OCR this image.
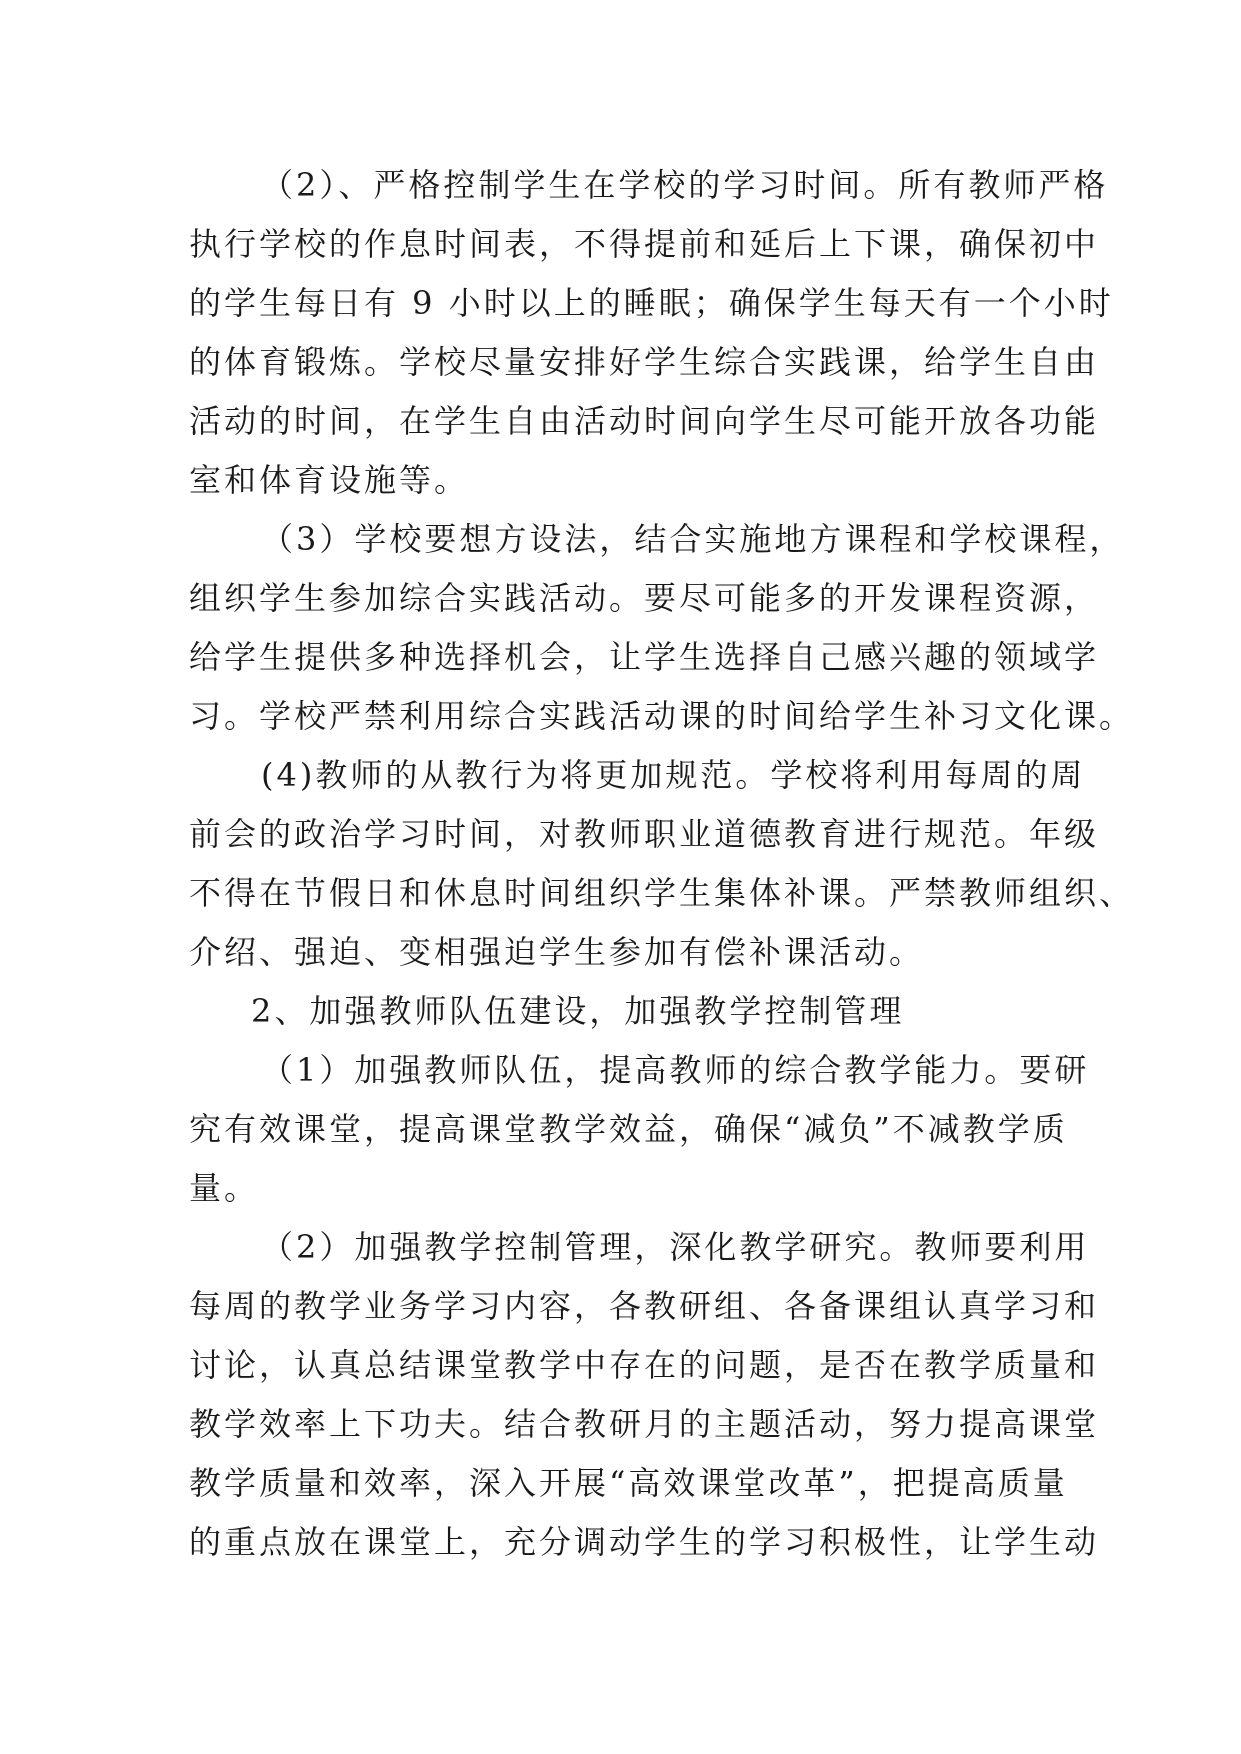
（2）、严格控制学生在学校的学习时间。所有教师严格
执行学校的作息时间表，不得提前和延后上下课，确保初中
的学生每日有 9 小时以上的睡眠；确保学生每天有一个小时
的体育锻炼。学校尽量安排好学生综合实践课，给学生自由
活动的时间，在学生自由活动时间向学生尽可能开放各功能
室和体育设施等。
（3）学校要想方设法，结合实施地方课程和学校课程，
组织学生参加综合实践活动。要尽可能多的开发课程资源，
给学生提供多种选择机会，让学生选择自己感兴趣的领域学
习。学校严禁利用综合实践活动课的时间给学生补习文化课。
(4)教师的从教行为将更加规范。学校将利用每周的周
前会的政治学习时间，对教师职业道德教育进行规范。年级
不得在节假日和休息时间组织学生集体补课。严禁教师组织、
介绍、强迫、变相强迫学生参加有偿补课活动。
2、加强教师队伍建设，加强教学控制管理
（1）加强教师队伍，提高教师的综合教学能力。要研
究有效课堂，提高课堂教学效益，确保“减负”不减教学质
量。
（2）加强教学控制管理，深化教学研究。教师要利用
每周的教学业务学习内容，各教研组、各备课组认真学习和
讨论，认真总结课堂教学中存在的问题，是否在教学质量和
教学效率上下功夫。结合教研月的主题活动，努力提高课堂
教学质量和效率，深入开展“高效课堂改革”，把提高质量
的重点放在课堂上，充分调动学生的学习积极性，让学生动
